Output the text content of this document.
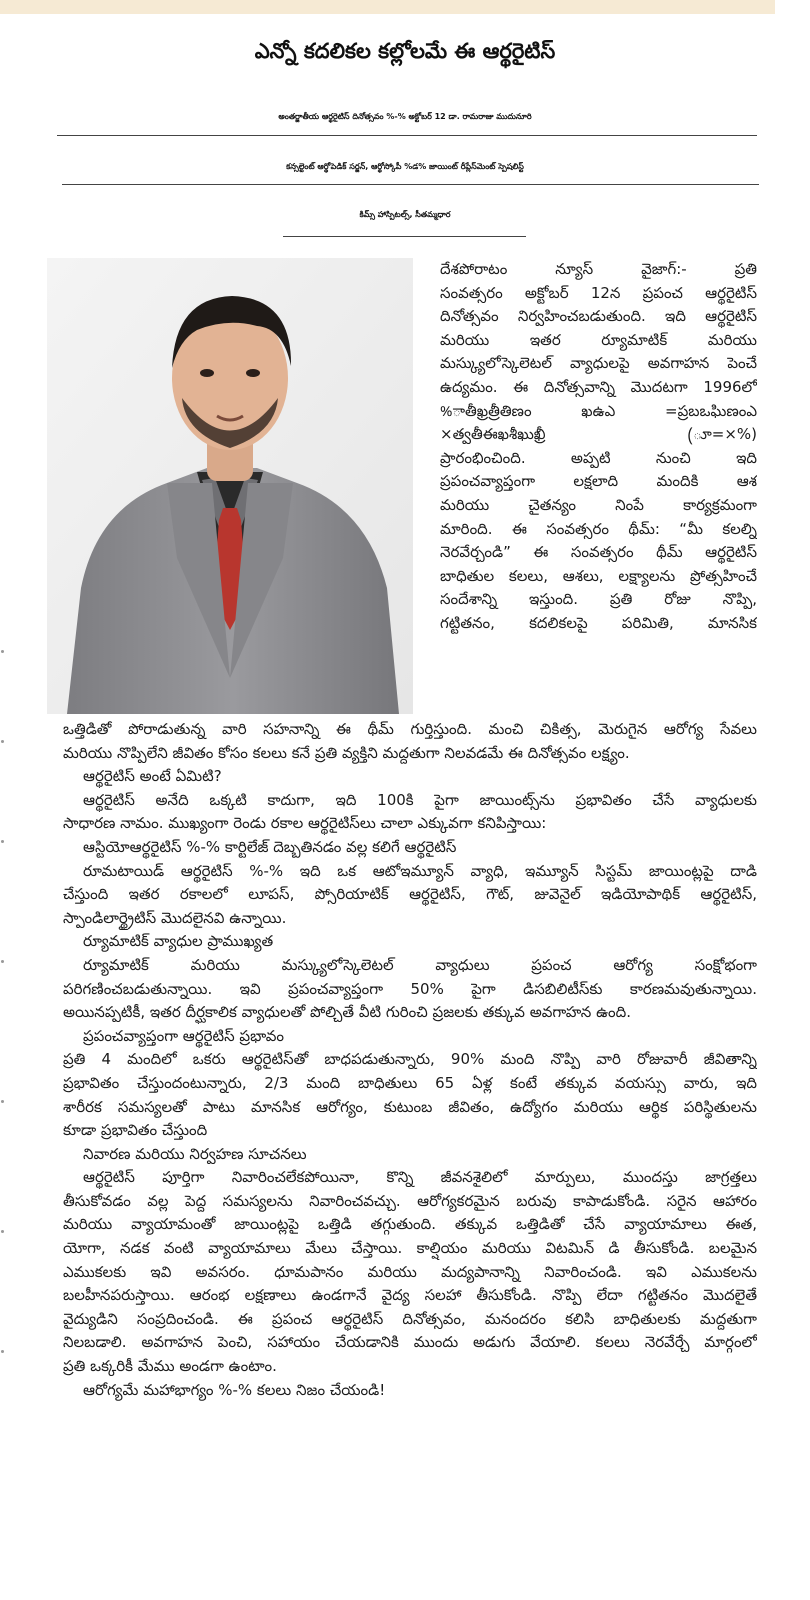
ఎన్నో కదలికల కల్లోలమే ఈ ఆర్థరైటిస్
అంతర్జాతీయ ఆర్థరైటిస్ దినోత్సవం %-% అక్టోబర్ 12 డా. రామరాజు ముదునూరి
కన్సల్టెంట్ ఆర్థోపెడిక్ సర్జన్, ఆర్థోస్కోపీ %డ% జాయింట్ రీప్లేస్‌మెంట్ స్పెషలిస్ట్
కిమ్స్ హాస్పిటల్స్, సీతమ్మధార
దేశపోరాటం న్యూస్ వైజాగ్:- ప్రతి
సంవత్సరం అక్టోబర్ 12న ప్రపంచ ఆర్థరైటిస్
దినోత్సవం నిర్వహించబడుతుంది. ఇది ఆర్థరైటిస్
మరియు ఇతర ర్యూమాటిక్ మరియు
మస్క్యులోస్కెలెటల్ వ్యాధులపై అవగాహన పెంచే
ఉద్యమం. ఈ దినోత్సవాన్ని మొదటగా 1996లో
%ాతీఖ్రత్రీతిణం ఖఉఎ =ప్రబఒఘిణంఎ
×త్వతీఈఖశీఖుఖ్రీ (ూ=×%)
ప్రారంభించింది. అప్పటి నుంచి ఇది
ప్రపంచవ్యాప్తంగా లక్షలాది మందికి ఆశ
మరియు చైతన్యం నింపే కార్యక్రమంగా
మారింది. ఈ సంవత్సరం థీమ్: “మీ కలల్ని
నెరవేర్చండి” ఈ సంవత్సరం థీమ్ ఆర్థరైటిస్
బాధితుల కలలు, ఆశలు, లక్ష్యాలను ప్రోత్సహించే
సందేశాన్ని ఇస్తుంది. ప్రతి రోజు నొప్పి,
గట్టితనం, కదలికలపై పరిమితి, మానసిక
ఒత్తిడితో పోరాడుతున్న వారి సహనాన్ని ఈ థీమ్ గుర్తిస్తుంది. మంచి చికిత్స, మెరుగైన ఆరోగ్య సేవలు
మరియు నొప్పిలేని జీవితం కోసం కలలు కనే ప్రతి వ్యక్తిని మద్దతుగా నిలవడమే ఈ దినోత్సవం లక్ష్యం.
ఆర్థరైటిస్ అంటే ఏమిటి?
ఆర్థరైటిస్ అనేది ఒక్కటి కాదుగా, ఇది 100కి పైగా జాయింట్స్‌ను ప్రభావితం చేసే వ్యాధులకు
సాధారణ నామం. ముఖ్యంగా రెండు రకాల ఆర్థరైటిస్‌లు చాలా ఎక్కువగా కనిపిస్తాయి:
ఆస్టియోఆర్థరైటిస్ %-% కార్టిలేజ్ దెబ్బతినడం వల్ల కలిగే ఆర్థరైటిస్
రూమటాయిడ్ ఆర్థరైటిస్ %-% ఇది ఒక ఆటోఇమ్యూన్ వ్యాధి, ఇమ్యూన్ సిస్టమ్ జాయింట్లపై దాడి
చేస్తుంది ఇతర రకాలలో లూపస్, ప్సోరియాటిక్ ఆర్థరైటిస్, గౌట్, జువెనైల్ ఇడియోపాథిక్ ఆర్థరైటిస్,
స్పాండిలార్థ్రైటిస్ మొదలైనవి ఉన్నాయి.
ర్యూమాటిక్ వ్యాధుల ప్రాముఖ్యత
ర్యూమాటిక్ మరియు మస్క్యులోస్కెలెటల్ వ్యాధులు ప్రపంచ ఆరోగ్య సంక్షోభంగా
పరిగణించబడుతున్నాయి. ఇవి ప్రపంచవ్యాప్తంగా 50% పైగా డిసబిలిటీస్‌కు కారణమవుతున్నాయి.
అయినప్పటికీ, ఇతర దీర్ఘకాలిక వ్యాధులతో పోల్చితే వీటి గురించి ప్రజలకు తక్కువ అవగాహన ఉంది.
ప్రపంచవ్యాప్తంగా ఆర్థరైటిస్ ప్రభావం
ప్రతి 4 మందిలో ఒకరు ఆర్థరైటిస్‌తో బాధపడుతున్నారు, 90% మంది నొప్పి వారి రోజువారీ జీవితాన్ని
ప్రభావితం చేస్తుందంటున్నారు, 2/3 మంది బాధితులు 65 ఏళ్ల కంటే తక్కువ వయస్సు వారు, ఇది
శారీరక సమస్యలతో పాటు మానసిక ఆరోగ్యం, కుటుంబ జీవితం, ఉద్యోగం మరియు ఆర్థిక పరిస్థితులను
కూడా ప్రభావితం చేస్తుంది
నివారణ మరియు నిర్వహణ సూచనలు
ఆర్థరైటిస్ పూర్తిగా నివారించలేకపోయినా, కొన్ని జీవనశైలిలో మార్పులు, ముందస్తు జాగ్రత్తలు
తీసుకోవడం వల్ల పెద్ద సమస్యలను నివారించవచ్చు. ఆరోగ్యకరమైన బరువు కాపాడుకోండి. సరైన ఆహారం
మరియు వ్యాయామంతో జాయింట్లపై ఒత్తిడి తగ్గుతుంది. తక్కువ ఒత్తిడితో చేసే వ్యాయామాలు ఈత,
యోగా, నడక వంటి వ్యాయామాలు మేలు చేస్తాయి. కాల్షియం మరియు విటమిన్ డి తీసుకోండి. బలమైన
ఎముకలకు ఇవి అవసరం. ధూమపానం మరియు మద్యపానాన్ని నివారించండి. ఇవి ఎముకలను
బలహీనపరుస్తాయి. ఆరంభ లక్షణాలు ఉండగానే వైద్య సలహా తీసుకోండి. నొప్పి లేదా గట్టితనం మొదలైతే
వైద్యుడిని సంప్రదించండి. ఈ ప్రపంచ ఆర్థరైటిస్ దినోత్సవం, మనందరం కలిసి బాధితులకు మద్దతుగా
నిలబడాలి. అవగాహన పెంచి, సహాయం చేయడానికి ముందు అడుగు వేయాలి. కలలు నెరవేర్చే మార్గంలో
ప్రతి ఒక్కరికీ మేము అండగా ఉంటాం.
ఆరోగ్యమే మహాభాగ్యం %-% కలలు నిజం చేయండి!
